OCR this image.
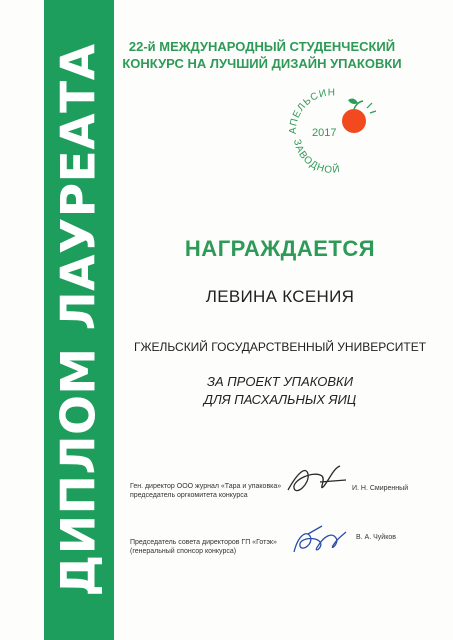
ДИПЛОМ ЛАУРЕАТА	22-й МЕЖДУНАРОДНЫЙ СТУДЕНЧЕСКИЙ
КОНКУРС НА ЛУЧШИЙ ДИЗАЙН УПАКОВКИ
АПЕЛЬСИН
ЗАВОДНОЙ
2017
НАГРАЖДАЕТСЯ
ЛЕВИНА КСЕНИЯ
ГЖЕЛЬСКИЙ ГОСУДАРСТВЕННЫЙ УНИВЕРСИТЕТ
ЗА ПРОЕКТ УПАКОВКИ
ДЛЯ ПАСХАЛЬНЫХ ЯИЦ
Ген. директор ООО журнал «Тара и упаковка»
председатель оргкомитета конкурса
И. Н. Смиренный
Председатель совета директоров ГП «Готэк»
(генеральный спонсор конкурса)
В. А. Чуйков
